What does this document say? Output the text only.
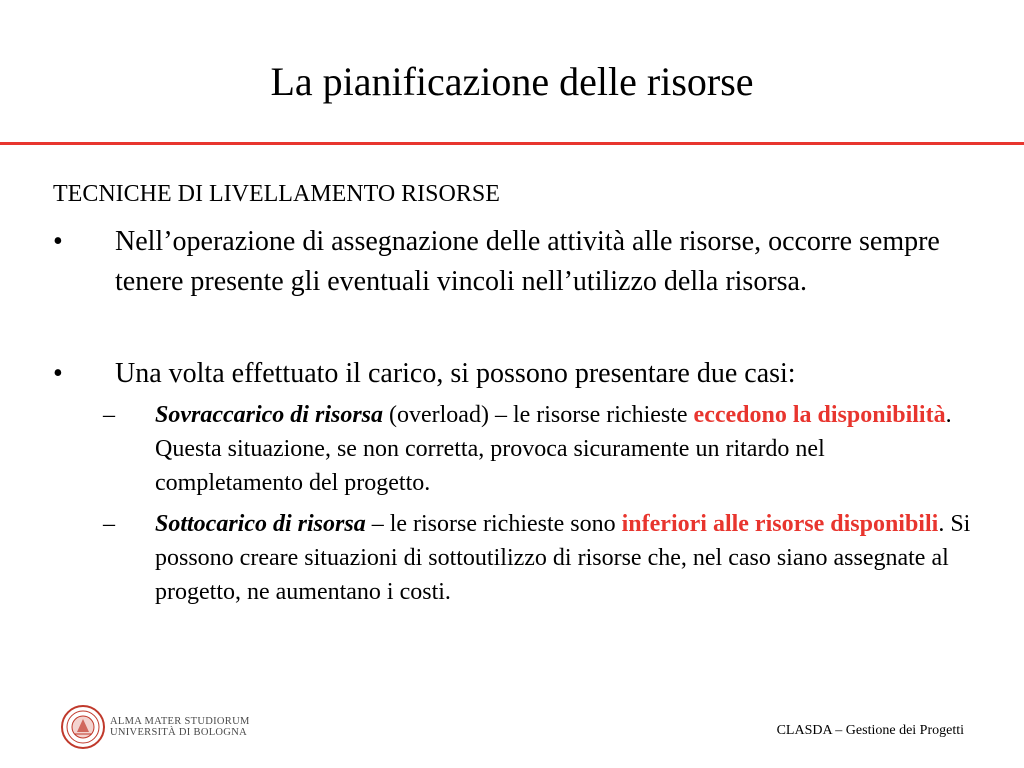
La pianificazione delle risorse
TECNICHE DI LIVELLAMENTO RISORSE
• Nell’operazione di assegnazione delle attività alle risorse, occorre sempre tenere presente gli eventuali vincoli nell’utilizzo della risorsa.
• Una volta effettuato il carico, si possono presentare due casi:
– Sovraccarico di risorsa (overload) – le risorse richieste eccedono la disponibilità. Questa situazione, se non corretta, provoca sicuramente un ritardo nel completamento del progetto.
– Sottocarico di risorsa – le risorse richieste sono inferiori alle risorse disponibili. Si possono creare situazioni di sottoutilizzo di risorse che, nel caso siano assegnate al progetto, ne aumentano i costi.
ALMA MATER STUDIORUM
UNIVERSITÀ DI BOLOGNA	CLASDA – Gestione dei Progetti
